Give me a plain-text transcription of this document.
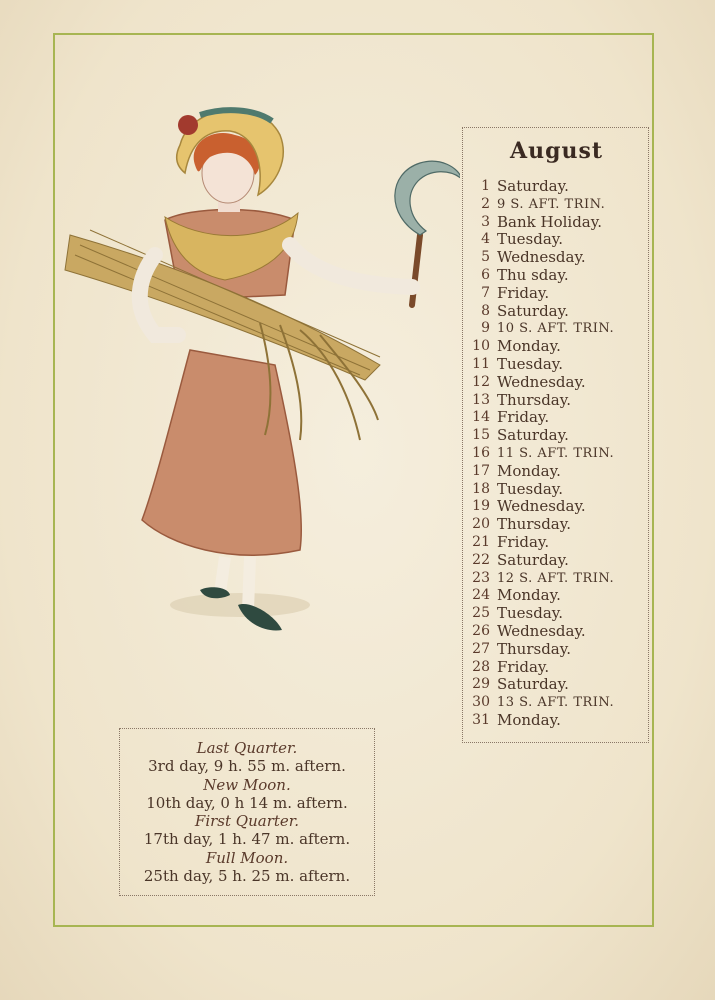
August
1 Saturday.
2 9 S. AFT. TRIN.
3 Bank Holiday.
4 Tuesday.
5 Wednesday.
6 Thu sday.
7 Friday.
8 Saturday.
9 10 S. AFT. TRIN.
10 Monday.
11 Tuesday.
12 Wednesday.
13 Thursday.
14 Friday.
15 Saturday.
16 11 S. AFT. TRIN.
17 Monday.
18 Tuesday.
19 Wednesday.
20 Thursday.
21 Friday.
22 Saturday.
23 12 S. AFT. TRIN.
24 Monday.
25 Tuesday.
26 Wednesday.
27 Thursday.
28 Friday.
29 Saturday.
30 13 S. AFT. TRIN.
31 Monday.
Last Quarter.
3rd day, 9 h. 55 m. aftern.
New Moon.
10th day, 0 h 14 m. aftern.
First Quarter.
17th day, 1 h. 47 m. aftern.
Full Moon.
25th day, 5 h. 25 m. aftern.
